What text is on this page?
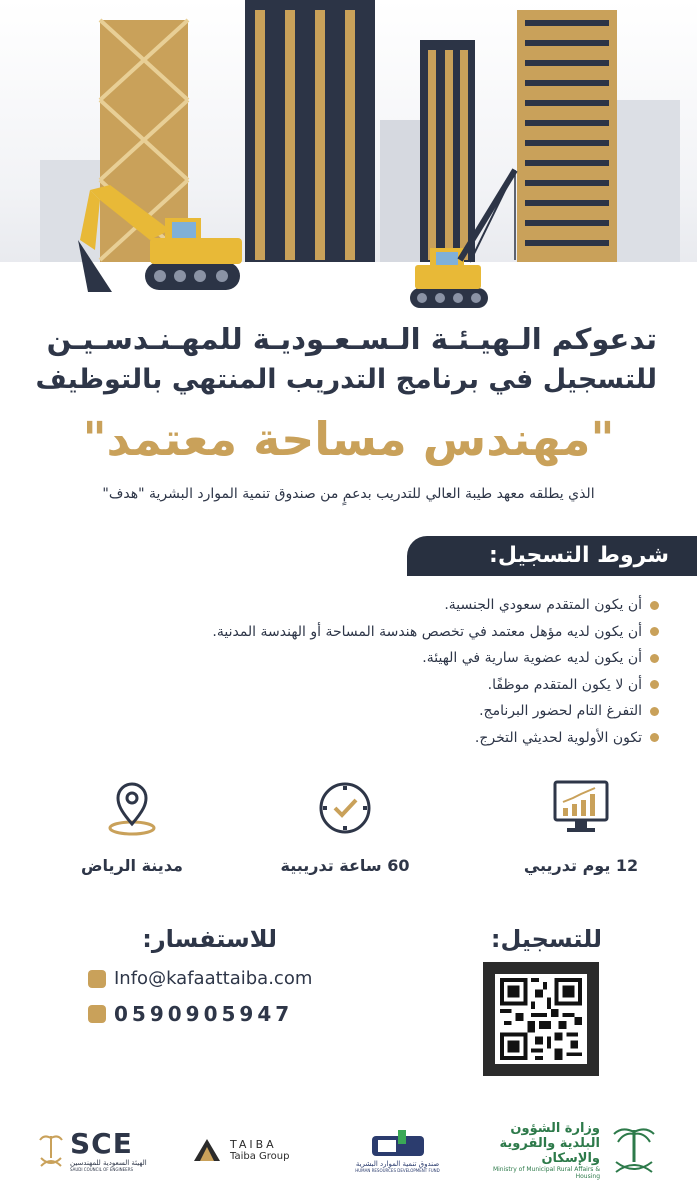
تدعوكم الـهيـئـة الـسـعـوديـة للمهـنـدسـيـن
للتسجيل في برنامج التدريب المنتهي بالتوظيف
"مهندس مساحة معتمد"
الذي يطلقه معهد طيبة العالي للتدريب بدعمٍ من صندوق تنمية الموارد البشرية "هدف"
شروط التسجيل:
أن يكون المتقدم سعودي الجنسية.
أن يكون لديه مؤهل معتمد في تخصص هندسة المساحة أو الهندسة المدنية.
أن يكون لديه عضوية سارية في الهيئة.
أن لا يكون المتقدم موظفًا.
التفرغ التام لحضور البرنامج.
تكون الأولوية لحديثي التخرج.
12 يوم تدريبي
60 ساعة تدريبية
مدينة الرياض
للتسجيل:
للاستفسار:
Info@kafaattaiba.com
0590905947
وزارة الشؤون البلدية والقروية والإسكان
Ministry of Municipal Rural Affairs & Housing
صندوق تنمية الموارد البشرية
HUMAN RESOURCES DEVELOPMENT FUND
TAIBA
Taiba Group
SCE
الهيئة السعودية للمهندسين
SAUDI COUNCIL OF ENGINEERS
